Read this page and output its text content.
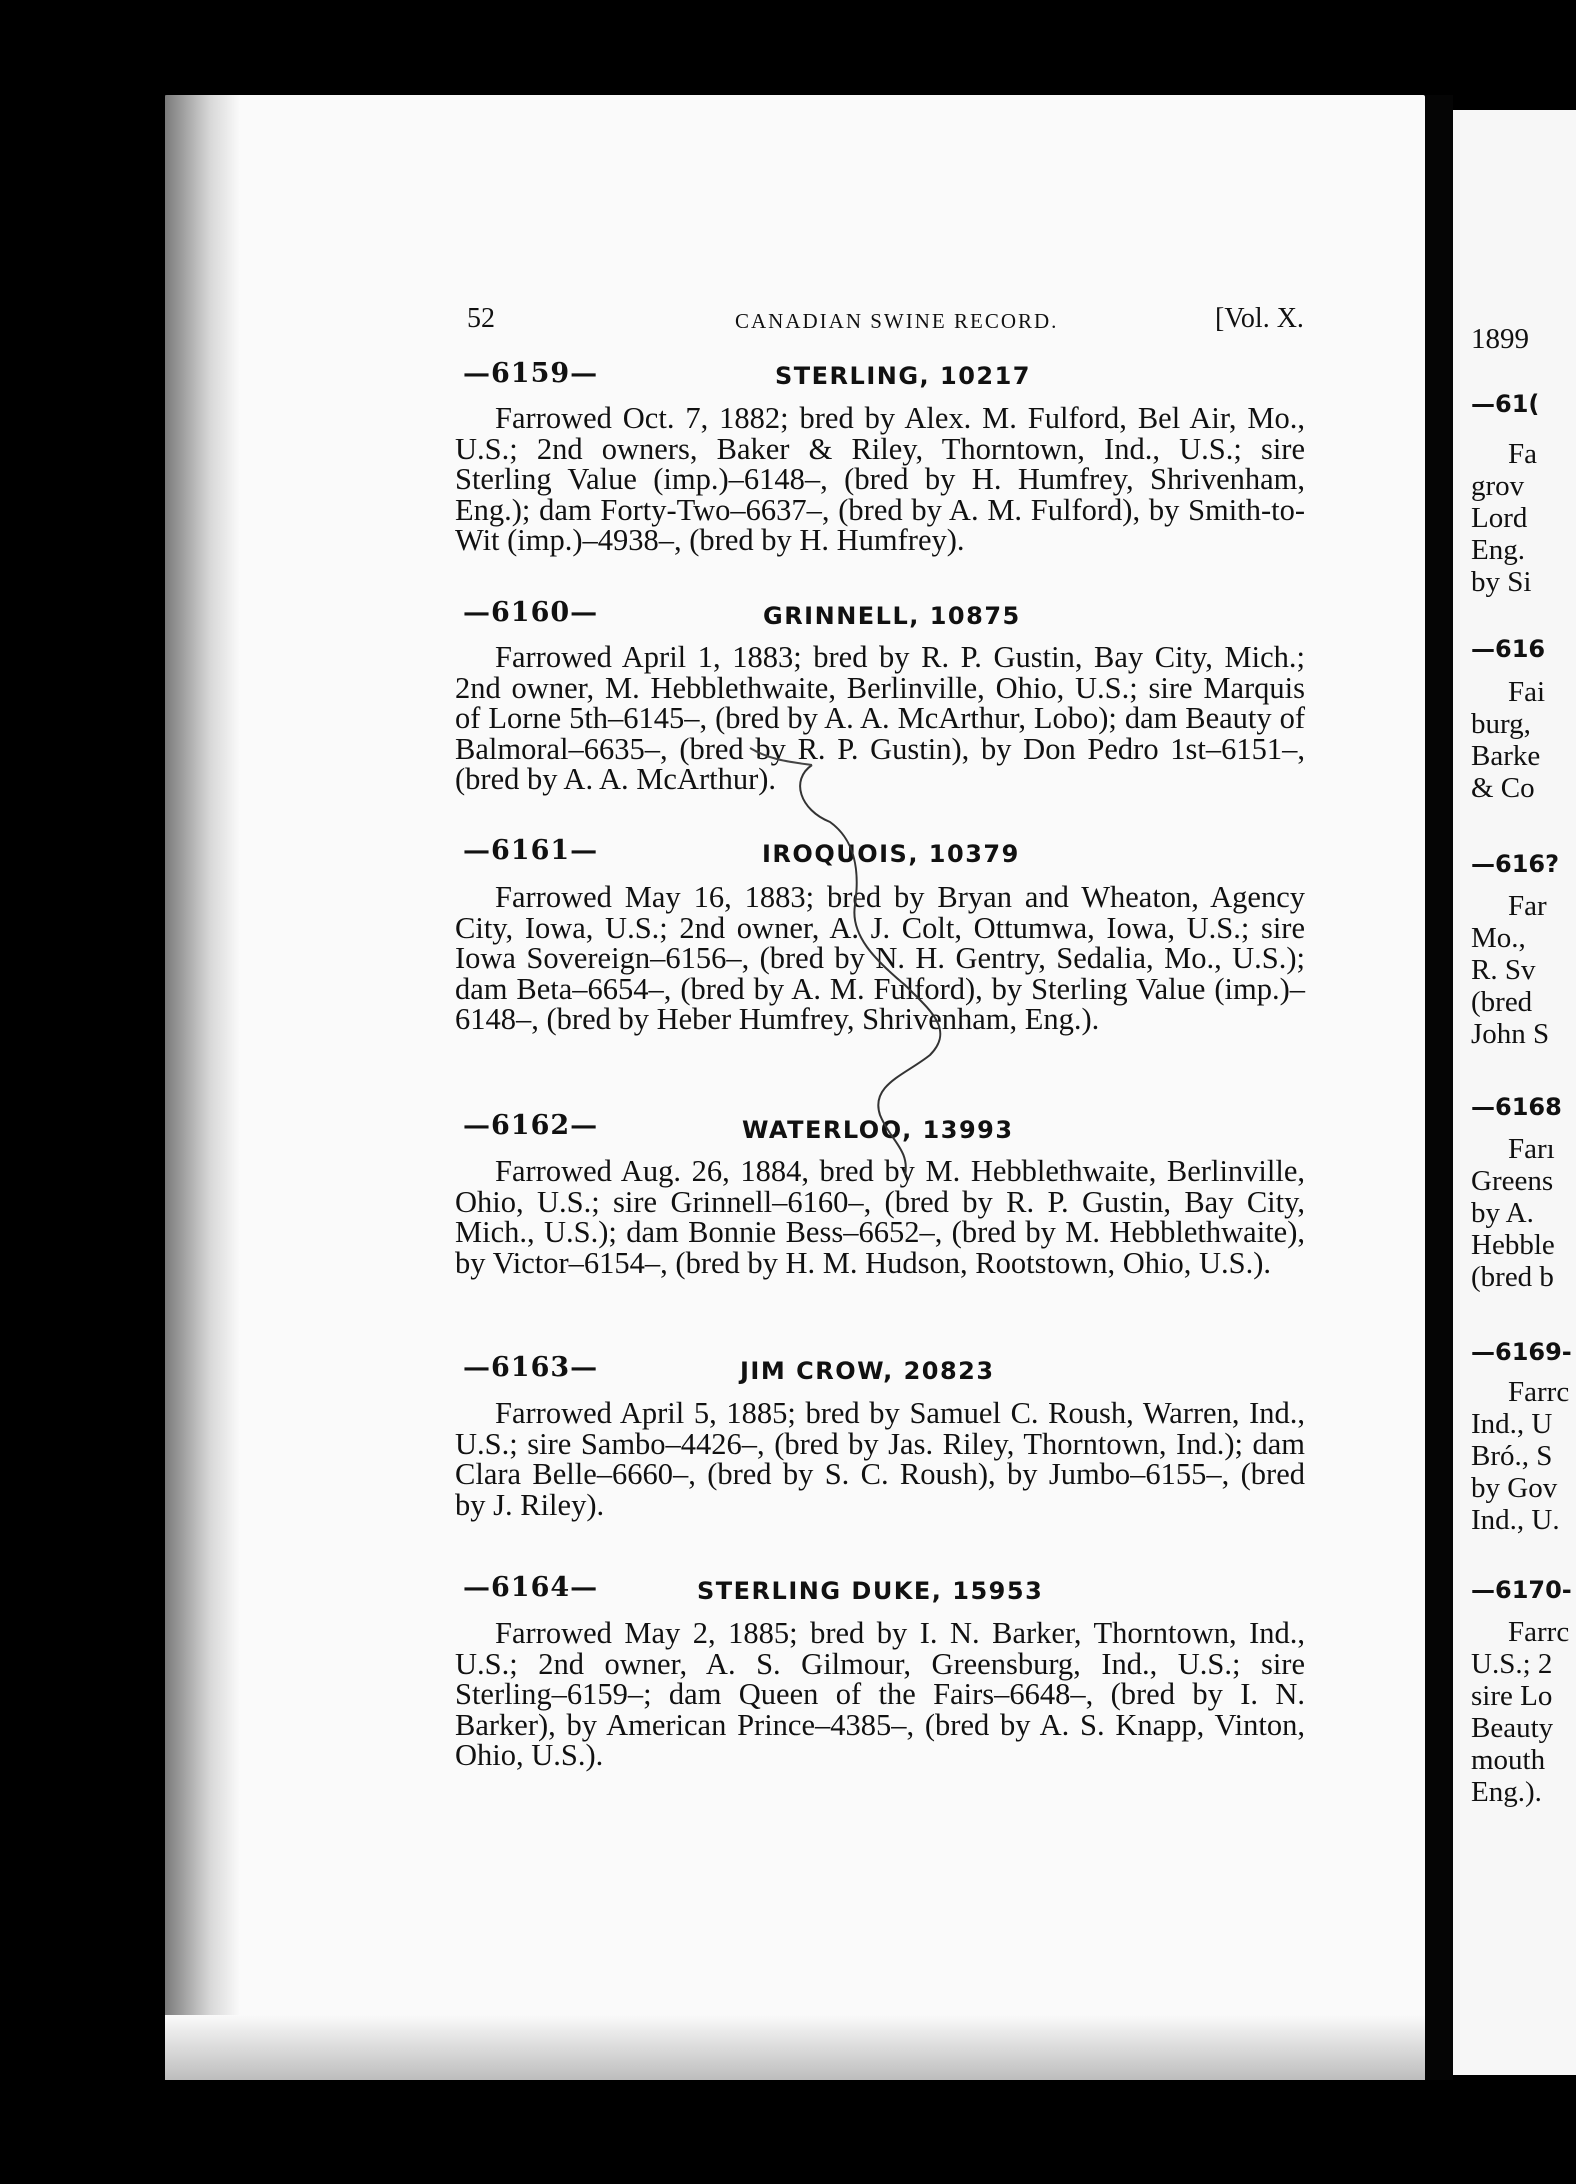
52	CANADIAN SWINE RECORD.	[Vol. X.
—6159—	STERLING, 10217
Farrowed Oct. 7, 1882; bred by Alex. M. Fulford, Bel Air, Mo., U.S.; 2nd owners, Baker & Riley, Thorntown, Ind., U.S.; sire Sterling Value (imp.)–6148–, (bred by H. Humfrey, Shrivenham, Eng.); dam Forty-Two–6637–, (bred by A. M. Fulford), by Smith-to-Wit (imp.)–4938–, (bred by H. Humfrey).
—6160—	GRINNELL, 10875
Farrowed April 1, 1883; bred by R. P. Gustin, Bay City, Mich.; 2nd owner, M. Hebblethwaite, Berlinville, Ohio, U.S.; sire Marquis of Lorne 5th–6145–, (bred by A. A. McArthur, Lobo); dam Beauty of Balmoral–6635–, (bred by R. P. Gustin), by Don Pedro 1st–6151–, (bred by A. A. McArthur).
—6161—	IROQUOIS, 10379
Farrowed May 16, 1883; bred by Bryan and Wheaton, Agency City, Iowa, U.S.; 2nd owner, A. J. Colt, Ottumwa, Iowa, U.S.; sire Iowa Sovereign–6156–, (bred by N. H. Gentry, Sedalia, Mo., U.S.); dam Beta–6654–, (bred by A. M. Fulford), by Sterling Value (imp.)–6148–, (bred by Heber Humfrey, Shrivenham, Eng.).
—6162—	WATERLOO, 13993
Farrowed Aug. 26, 1884, bred by M. Hebblethwaite, Berlinville, Ohio, U.S.; sire Grinnell–6160–, (bred by R. P. Gustin, Bay City, Mich., U.S.); dam Bonnie Bess–6652–, (bred by M. Hebblethwaite), by Victor–6154–, (bred by H. M. Hudson, Rootstown, Ohio, U.S.).
—6163—	JIM CROW, 20823
Farrowed April 5, 1885; bred by Samuel C. Roush, Warren, Ind., U.S.; sire Sambo–4426–, (bred by Jas. Riley, Thorntown, Ind.); dam Clara Belle–6660–, (bred by S. C. Roush), by Jumbo–6155–, (bred by J. Riley).
—6164—	STERLING DUKE, 15953
Farrowed May 2, 1885; bred by I. N. Barker, Thorntown, Ind., U.S.; 2nd owner, A. S. Gilmour, Greensburg, Ind., U.S.; sire Sterling–6159–; dam Queen of the Fairs–6648–, (bred by I. N. Barker), by American Prince–4385–, (bred by A. S. Knapp, Vinton, Ohio, U.S.).
1899
—61(
Fa
grov
Lord
Eng.
by Si
—616
Fai
burg,
Barke
& Co
—616?
Far
Mo.,
R. Sv
(bred
John S
—6168
Farı
Greens
by A.
Hebble
(bred b
—6169-
Farrc
Ind., U
Bró., S
by Gov
Ind., U.
—6170-
Farrc
U.S.; 2
sire Lo
Beauty
mouth
Eng.).
